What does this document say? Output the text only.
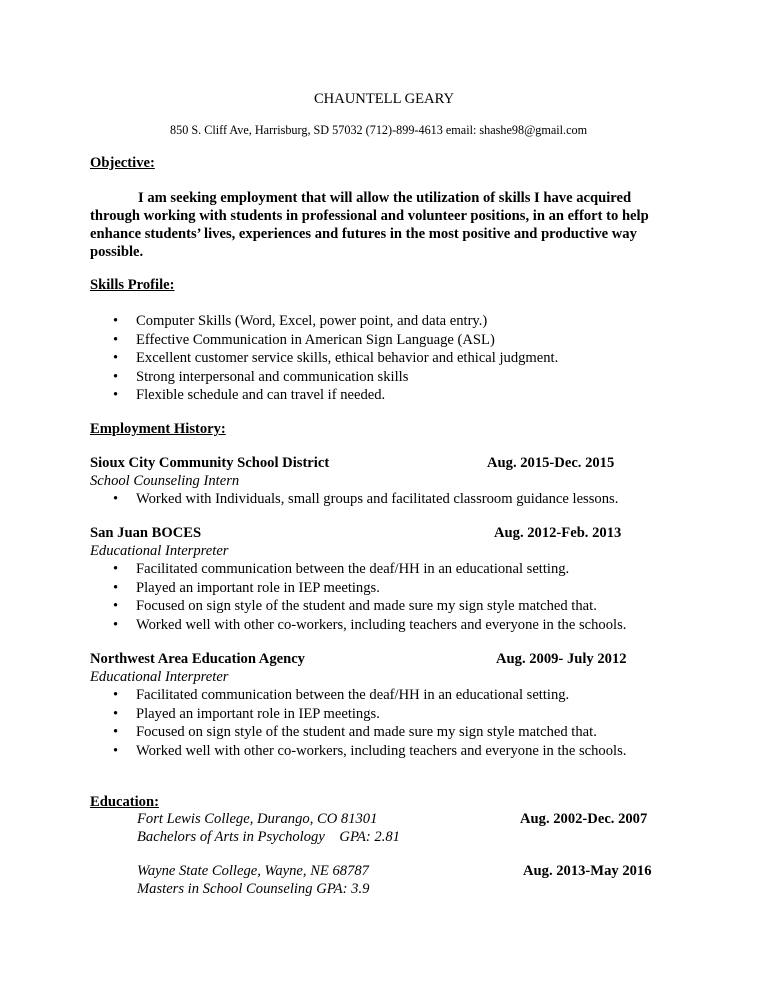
CHAUNTELL GEARY
850 S. Cliff Ave, Harrisburg, SD 57032 (712)-899-4613 email: shashe98@gmail.com
Objective:

I am seeking employment that will allow the utilization of skills I have acquired through working with students in professional and volunteer positions, in an effort to help enhance students’ lives, experiences and futures in the most positive and productive way possible.

Skills Profile:
• Computer Skills (Word, Excel, power point, and data entry.)
• Effective Communication in American Sign Language (ASL)
• Excellent customer service skills, ethical behavior and ethical judgment.
• Strong interpersonal and communication skills
• Flexible schedule and can travel if needed.
Employment History:
Sioux City Community School District	Aug. 2015-Dec. 2015
School Counseling Intern
• Worked with Individuals, small groups and facilitated classroom guidance lessons.
San Juan BOCES	Aug. 2012-Feb. 2013
Educational Interpreter
• Facilitated communication between the deaf/HH in an educational setting.
• Played an important role in IEP meetings.
• Focused on sign style of the student and made sure my sign style matched that.
• Worked well with other co-workers, including teachers and everyone in the schools.
Northwest Area Education Agency	Aug. 2009- July 2012
Educational Interpreter
• Facilitated communication between the deaf/HH in an educational setting.
• Played an important role in IEP meetings.
• Focused on sign style of the student and made sure my sign style matched that.
• Worked well with other co-workers, including teachers and everyone in the schools.
Education:
Fort Lewis College, Durango, CO 81301	Aug. 2002-Dec. 2007
Bachelors of Arts in Psychology GPA: 2.81
Wayne State College, Wayne, NE 68787	Aug. 2013-May 2016
Masters in School Counseling GPA: 3.9
